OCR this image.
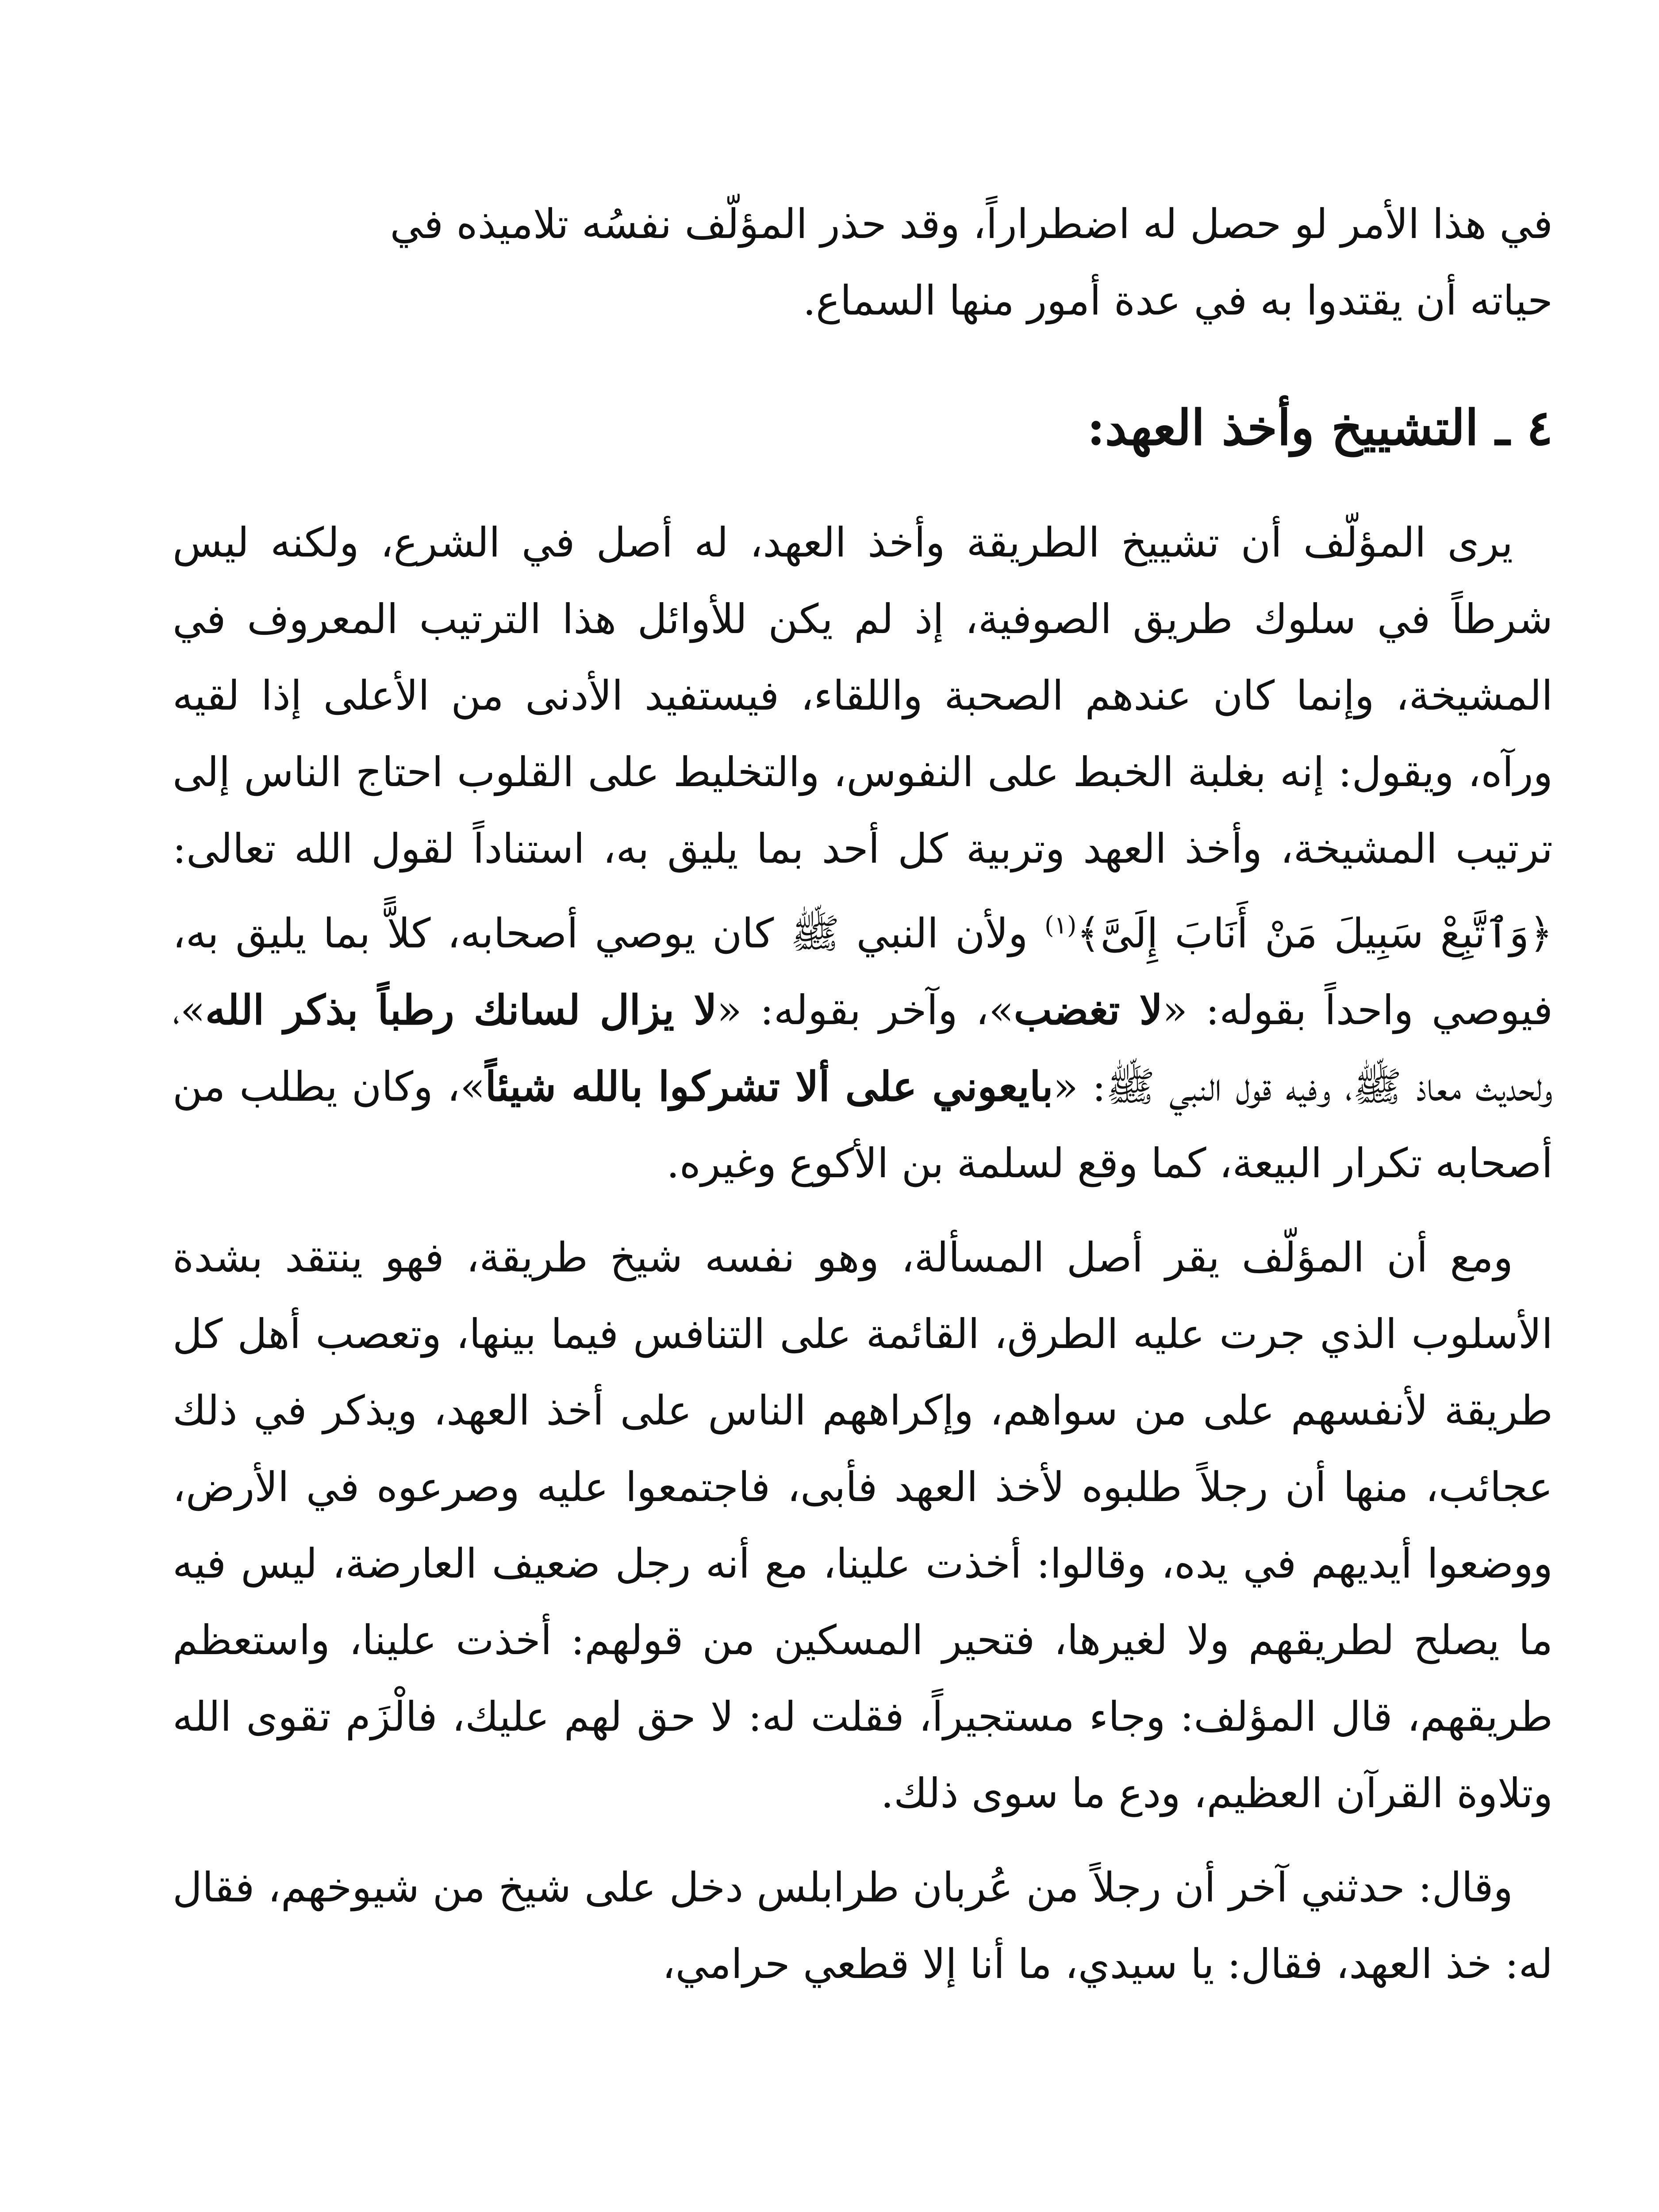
في هذا الأمر لو حصل له اضطراراً، وقد حذر المؤلّف نفسُه تلاميذه في

حياته أن يقتدوا به في عدة أمور منها السماع.

٤ ـ التشييخ وأخذ العهد:

يرى المؤلّف أن تشييخ الطريقة وأخذ العهد، له أصل في الشرع، ولكنه ليس شرطاً في سلوك طريق الصوفية، إذ لم يكن للأوائل هذا الترتيب المعروف في المشيخة، وإنما كان عندهم الصحبة واللقاء، فيستفيد الأدنى من الأعلى إذا لقيه ورآه، ويقول: إنه بغلبة الخبط على النفوس، والتخليط على القلوب احتاج الناس إلى ترتيب المشيخة، وأخذ العهد وتربية كل أحد بما يليق به، استناداً لقول الله تعالى: ﴿وَٱتَّبِعْ سَبِيلَ مَنْ أَنَابَ إِلَىَّ﴾$^{(١)}$ ولأن النبي ﷺ كان يوصي أصحابه، كلاًّ بما يليق به، فيوصي واحداً بقوله: «لا تغضب»، وآخر بقوله: «لا يزال لسانك رطباً بذكر الله»، ولحديث معاذ ﷺ، وفيه قول النبي ﷺ: «بايعوني على ألا تشركوا بالله شيئاً»، وكان يطلب من أصحابه تكرار البيعة، كما وقع لسلمة بن الأكوع وغيره.

ومع أن المؤلّف يقر أصل المسألة، وهو نفسه شيخ طريقة، فهو ينتقد بشدة الأسلوب الذي جرت عليه الطرق، القائمة على التنافس فيما بينها، وتعصب أهل كل طريقة لأنفسهم على من سواهم، وإكراههم الناس على أخذ العهد، ويذكر في ذلك عجائب، منها أن رجلاً طلبوه لأخذ العهد فأبى، فاجتمعوا عليه وصرعوه في الأرض، ووضعوا أيديهم في يده، وقالوا: أخذت علينا، مع أنه رجل ضعيف العارضة، ليس فيه ما يصلح لطريقهم ولا لغيرها، فتحير المسكين من قولهم: أخذت علينا، واستعظم طريقهم، قال المؤلف: وجاء مستجيراً، فقلت له: لا حق لهم عليك، فالْزَم تقوى الله وتلاوة القرآن العظيم، ودع ما سوى ذلك.

وقال: حدثني آخر أن رجلاً من عُربان طرابلس دخل على شيخ من شيوخهم، فقال له: خذ العهد، فقال: يا سيدي، ما أنا إلا قطعي حرامي،
